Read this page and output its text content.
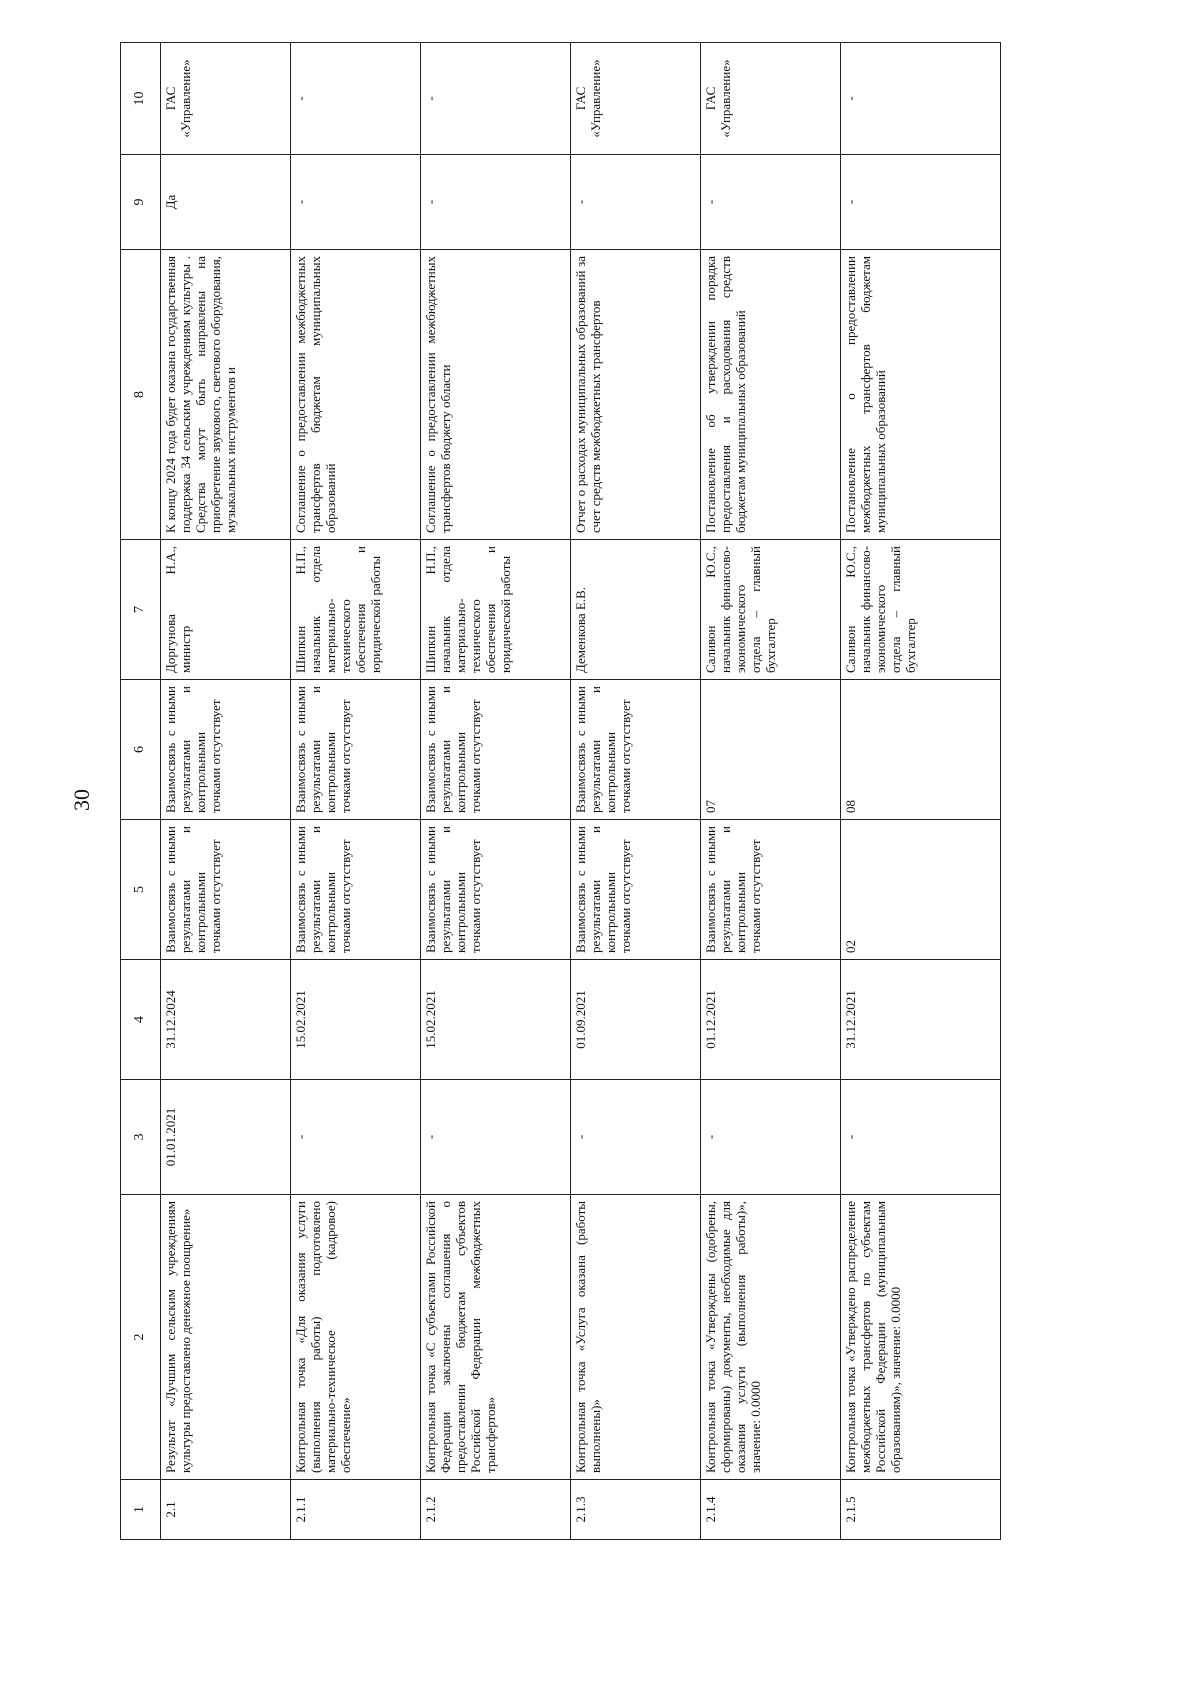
30
1	2	3	4	5	6	7	8	9	10
2.1	Результат «Лучшим сельским учреждениям культуры предоставлено денежное поощрение»	01.01.2021	31.12.2024	Взаимосвязь с иными результатами и контрольными точками отсутствует	Взаимосвязь с иными результатами и контрольными точками отсутствует	Доргунова Н.А., министр	К концу 2024 года будет оказана государственная поддержка 34 сельским учреждениям культуры . Средства могут быть направлены на приобретение звукового, светового оборудования, музыкальных инструментов и	Да	ГАС «Управление»
2.1.1	Контрольная точка «Для оказания услуги (выполнения работы) подготовлено материально-техническое (кадровое) обеспечение»	-	15.02.2021	Взаимосвязь с иными результатами и контрольными точками отсутствует	Взаимосвязь с иными результатами и контрольными точками отсутствует	Шипкин Н.П., начальник отдела материально-технического обеспечения и юридической работы	Соглашение о предоставлении межбюджетных трансфертов бюджетам муниципальных образований	-	-
2.1.2	Контрольная точка «С субъектами Российской Федерации заключены соглашения о предоставлении бюджетам субъектов Российской Федерации межбюджетных трансфертов»	-	15.02.2021	Взаимосвязь с иными результатами и контрольными точками отсутствует	Взаимосвязь с иными результатами и контрольными точками отсутствует	Шипкин Н.П., начальник отдела материально-технического обеспечения и юридической работы	Соглашение о предоставлении межбюджетных трансфертов бюджету области	-	-
2.1.3	Контрольная точка «Услуга оказана (работы выполнены)»	-	01.09.2021	Взаимосвязь с иными результатами и контрольными точками отсутствует	Взаимосвязь с иными результатами и контрольными точками отсутствует	Деменкова Е.В.	Отчет о расходах муниципальных образований за счет средств межбюджетных трансфертов	-	ГАС «Управление»
2.1.4	Контрольная точка «Утверждены (одобрены, сформированы) документы, необходимые для оказания услуги (выполнения работы)», значение: 0.0000	-	01.12.2021	Взаимосвязь с иными результатами и контрольными точками отсутствует	07	Саливон Ю.С., начальник финансово-экономического отдела – главный бухгалтер	Постановление об утверждении порядка предоставления и расходования средств бюджетам муниципальных образований	-	ГАС «Управление»
2.1.5	Контрольная точка «Утверждено распределение межбюджетных трансфертов по субъектам Российской Федерации (муниципальным образованиям)», значение: 0.0000	-	31.12.2021	02	08	Саливон Ю.С., начальник финансово-экономического отдела – главный бухгалтер	Постановление о предоставлении межбюджетных трансфертов бюджетам муниципальных образований	-	-
